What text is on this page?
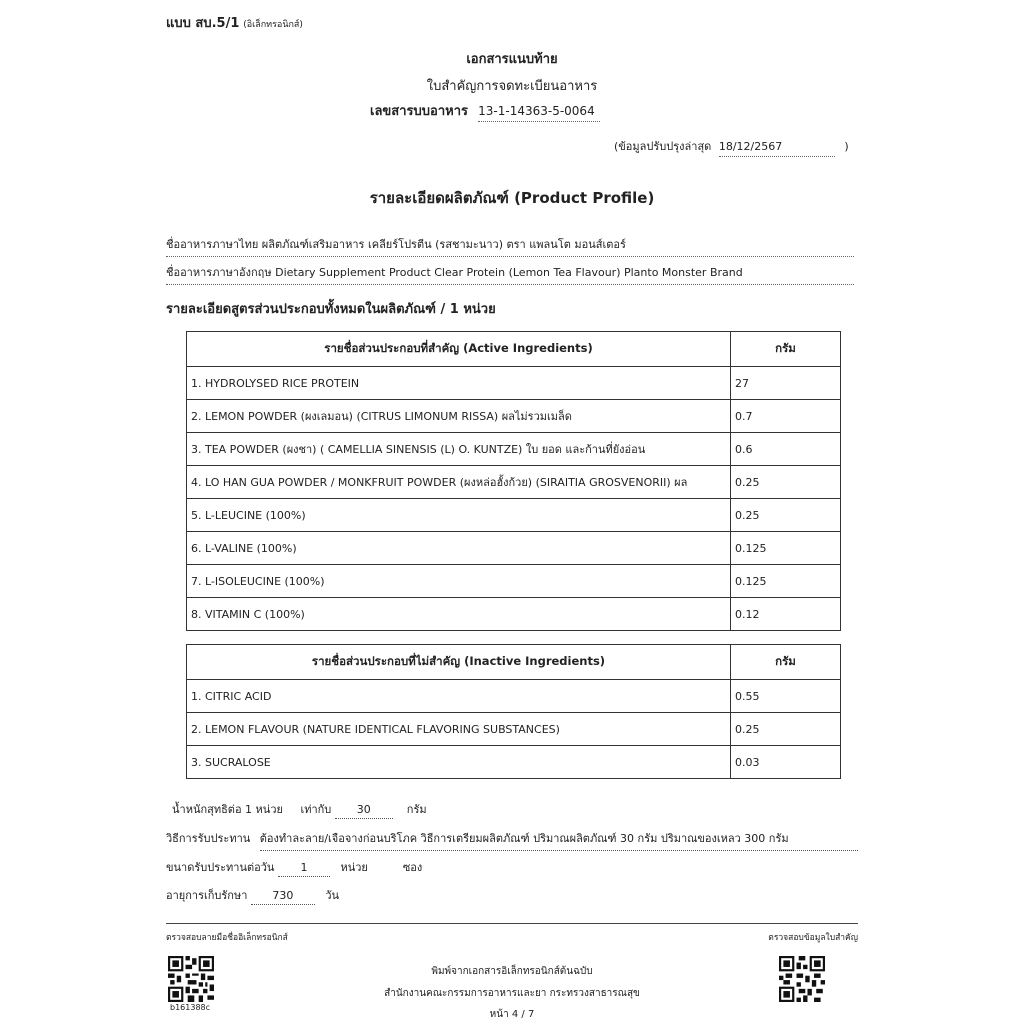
แบบ สบ.5/1 (อิเล็กทรอนิกส์)
เอกสารแนบท้าย
ใบสำคัญการจดทะเบียนอาหาร
เลขสารบบอาหาร 13-1-14363-5-0064
(ข้อมูลปรับปรุงล่าสุด 18/12/2567	)
รายละเอียดผลิตภัณฑ์ (Product Profile)
ชื่ออาหารภาษาไทย ผลิตภัณฑ์เสริมอาหาร เคลียร์โปรตีน (รสชามะนาว) ตรา แพลนโต มอนส์เตอร์
ชื่ออาหารภาษาอังกฤษ Dietary Supplement Product Clear Protein (Lemon Tea Flavour) Planto Monster Brand
รายละเอียดสูตรส่วนประกอบทั้งหมดในผลิตภัณฑ์ / 1 หน่วย
รายชื่อส่วนประกอบที่สำคัญ (Active Ingredients)	กรัม
1. HYDROLYSED RICE PROTEIN	27
2. LEMON POWDER (ผงเลมอน) (CITRUS LIMONUM RISSA) ผลไม่รวมเมล็ด	0.7
3. TEA POWDER (ผงชา) ( CAMELLIA SINENSIS (L) O. KUNTZE) ใบ ยอด และก้านที่ยังอ่อน	0.6
4. LO HAN GUA POWDER / MONKFRUIT POWDER (ผงหล่อฮั้งก้วย) (SIRAITIA GROSVENORII) ผล	0.25
5. L-LEUCINE (100%)	0.25
6. L-VALINE (100%)	0.125
7. L-ISOLEUCINE (100%)	0.125
8. VITAMIN C (100%)	0.12
รายชื่อส่วนประกอบที่ไม่สำคัญ (Inactive Ingredients)	กรัม
1. CITRIC ACID	0.55
2. LEMON FLAVOUR (NATURE IDENTICAL FLAVORING SUBSTANCES)	0.25
3. SUCRALOSE	0.03
น้ำหนักสุทธิต่อ 1 หน่วย เท่ากับ 30	กรัม
วิธีการรับประทาน ต้องทำละลาย/เจือจางก่อนบริโภค วิธีการเตรียมผลิตภัณฑ์ ปริมาณผลิตภัณฑ์ 30 กรัม ปริมาณของเหลว 300 กรัม
ขนาดรับประทานต่อวัน 1	หน่วย	ซอง
อายุการเก็บรักษา 730	วัน
ตรวจสอบลายมือชื่ออิเล็กทรอนิกส์	ตรวจสอบข้อมูลใบสำคัญ
b161388c
พิมพ์จากเอกสารอิเล็กทรอนิกส์ต้นฉบับ
สำนักงานคณะกรรมการอาหารและยา กระทรวงสาธารณสุข
หน้า 4 / 7
